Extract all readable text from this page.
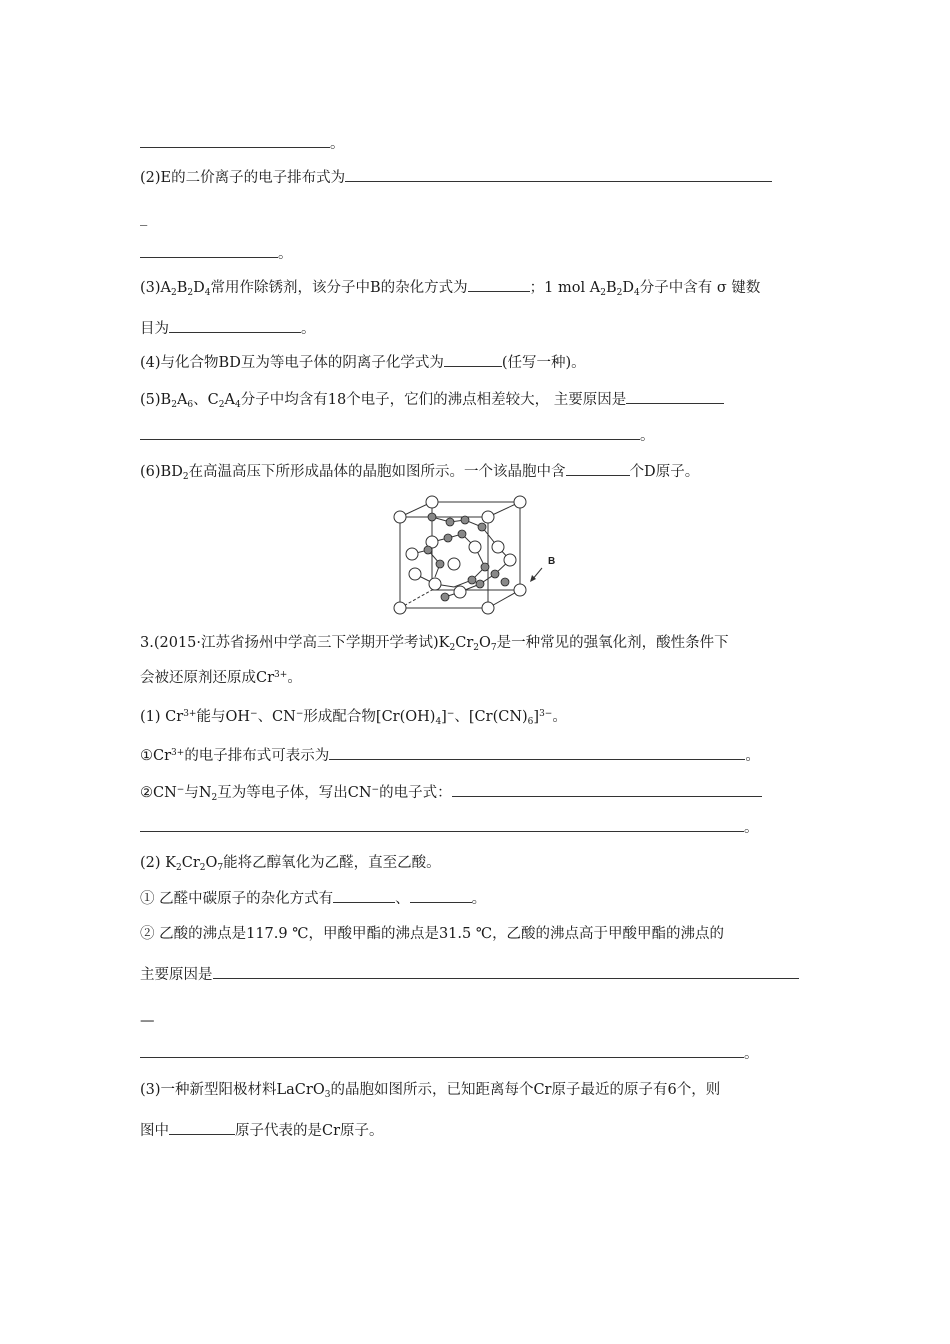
。
(2)E的二价离子的电子排布式为
_
。
$(3)A_2B_2D_4$常用作除锈剂，该分子中B的杂化方式为	；1 mol $A_2B_2D_4$分子中含有 σ 键数
目为	。
(4)与化合物BD互为等电子体的阴离子化学式为	(任写一种)。
$(5)B_2A_6$、$C_2A_4$分子中均含有18个电子，它们的沸点相差较大， 主要原因是
。
$(6)BD_2$在高温高压下所形成晶体的晶胞如图所示。一个该晶胞中含	个D原子。
B
3.(2015·江苏省扬州中学高三下学期开学考试)$K_2Cr_2O_7$是一种常见的强氧化剂，酸性条件下
会被还原剂还原成$Cr^{3+}$。
(1) $Cr^{3+}$能与OH−、CN−形成配合物$[Cr(OH)_4]^-$、$[Cr(CN)_6]^{3-}$。
$①Cr^{3+}$的电子排布式可表示为	。
②CN−与$N_2$互为等电子体，写出CN−的电子式：
。
(2) $K_2Cr_2O_7$能将乙醇氧化为乙醛，直至乙酸。
① 乙醛中碳原子的杂化方式有	、	。
② 乙酸的沸点是117.9 ℃，甲酸甲酯的沸点是31.5 ℃，乙酸的沸点高于甲酸甲酯的沸点的
主要原因是
—
。
(3)一种新型阳极材料LaCrO$_3$的晶胞如图所示，已知距离每个Cr原子最近的原子有6个，则
图中	原子代表的是Cr原子。
